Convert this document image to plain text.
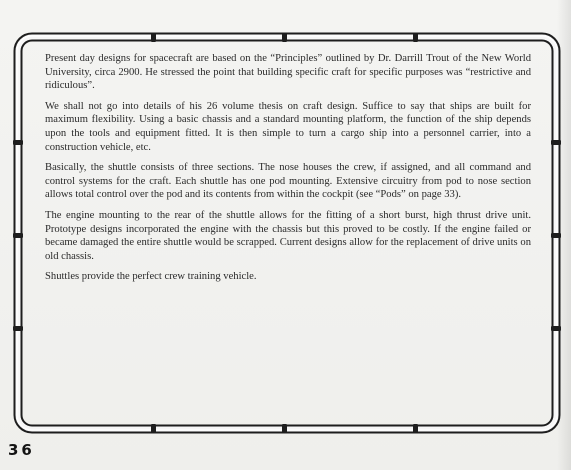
Present day designs for spacecraft are based on the “Principles” outlined by Dr. Darrill Trout of the New World University, circa 2900. He stressed the point that building specific craft for specific purposes was “restrictive and ridiculous”.

We shall not go into details of his 26 volume thesis on craft design. Suffice to say that ships are built for maximum flexibility. Using a basic chassis and a standard mounting platform, the function of the ship depends upon the tools and equipment fitted. It is then simple to turn a cargo ship into a personnel carrier, into a construction vehicle, etc.

Basically, the shuttle consists of three sections. The nose houses the crew, if assigned, and all command and control systems for the craft. Each shuttle has one pod mounting. Extensive circuitry from pod to nose section allows total control over the pod and its contents from within the cockpit (see “Pods” on page 33).

The engine mounting to the rear of the shuttle allows for the fitting of a short burst, high thrust drive unit. Prototype designs incorporated the engine with the chassis but this proved to be costly. If the engine failed or became damaged the entire shuttle would be scrapped. Current designs allow for the replacement of drive units on old chassis.

Shuttles provide the perfect crew training vehicle.

36
